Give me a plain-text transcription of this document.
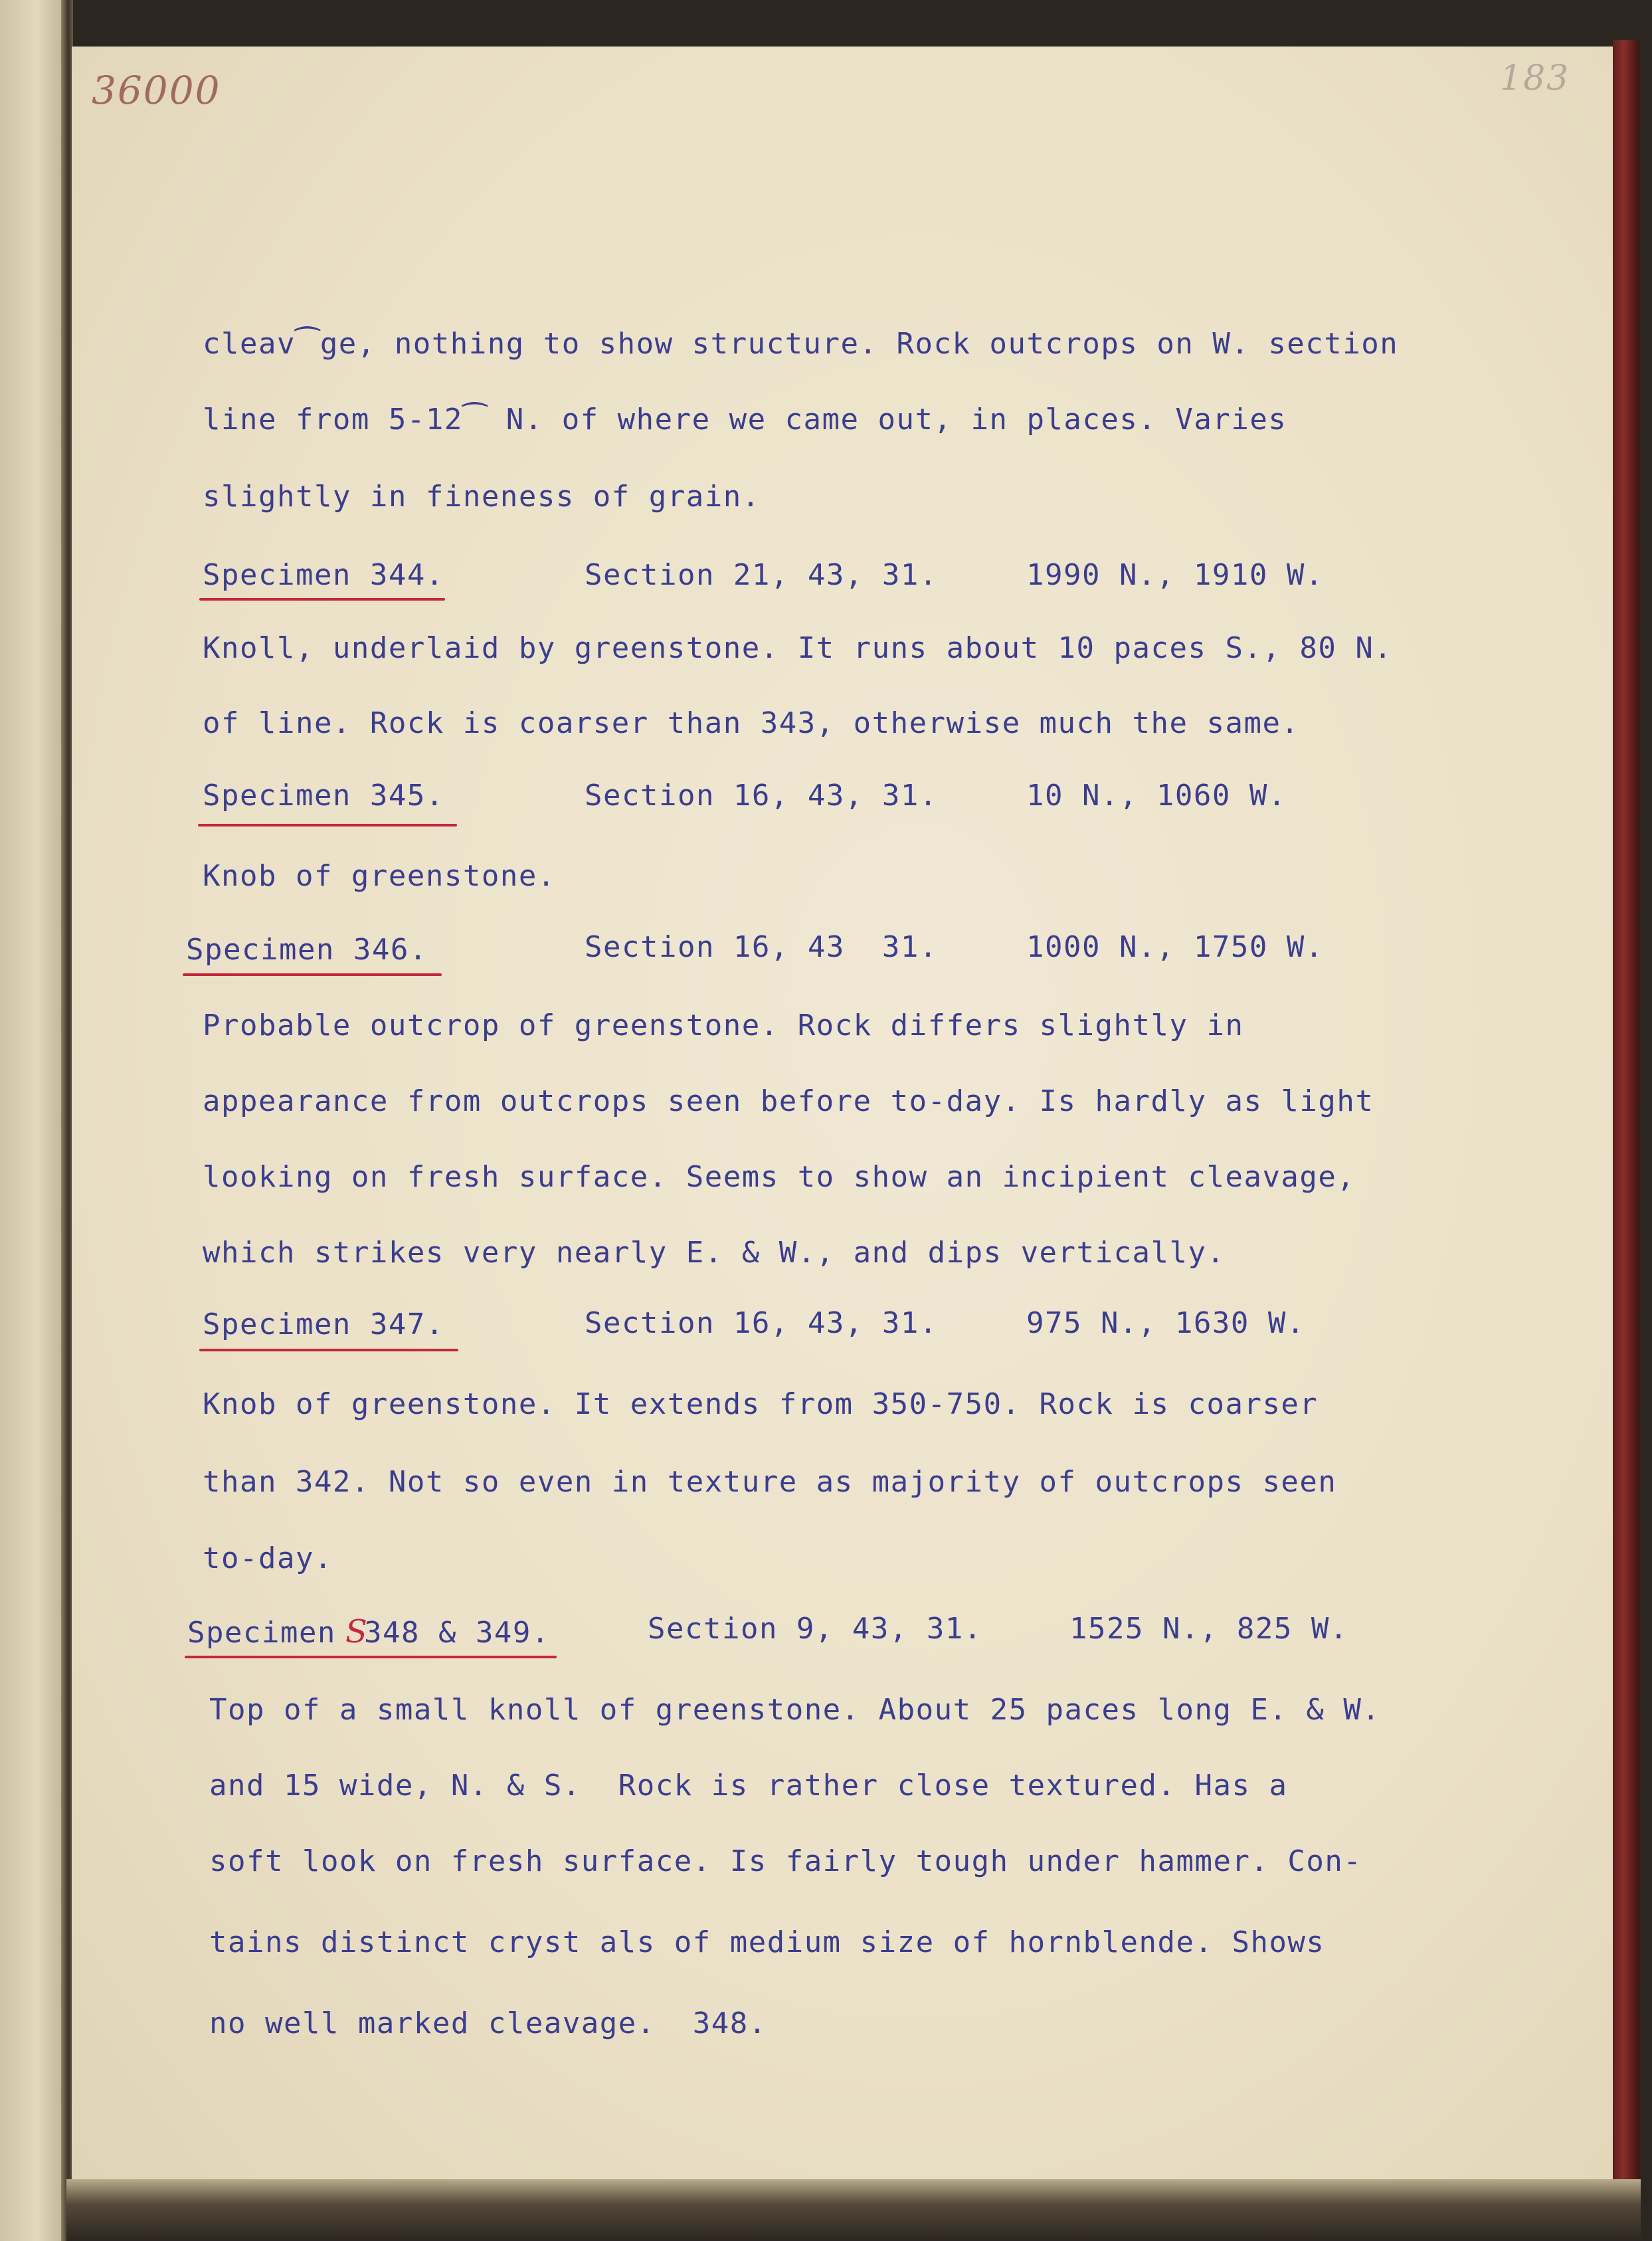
36000	183
cleav⁀ge, nothing to show structure. Rock outcrops on W. section
line from 5-12⁀ N. of where we came out, in places. Varies
slightly in fineness of grain.
Specimen 344.	Section 21, 43, 31.	1990 N., 1910 W.
Knoll, underlaid by greenstone. It runs about 10 paces S., 80 N.
of line. Rock is coarser than 343, otherwise much the same.
Specimen 345.	Section 16, 43, 31.	10 N., 1060 W.
Knob of greenstone.
Specimen 346.	Section 16, 43  31.	1000 N., 1750 W.
Probable outcrop of greenstone. Rock differs slightly in
appearance from outcrops seen before to-day. Is hardly as light
looking on fresh surface. Seems to show an incipient cleavage,
which strikes very nearly E. & W., and dips vertically.
Specimen 347.	Section 16, 43, 31.	975 N., 1630 W.
Knob of greenstone. It extends from 350-750. Rock is coarser
than 342. Not so even in texture as majority of outcrops seen
to-day.
Specimen S
348 & 349.	Section 9, 43, 31.	1525 N., 825 W.
Top of a small knoll of greenstone. About 25 paces long E. & W.
and 15 wide, N. & S.  Rock is rather close textured. Has a
soft look on fresh surface. Is fairly tough under hammer. Con-
tains distinct cryst als of medium size of hornblende. Shows
no well marked cleavage.  348.
